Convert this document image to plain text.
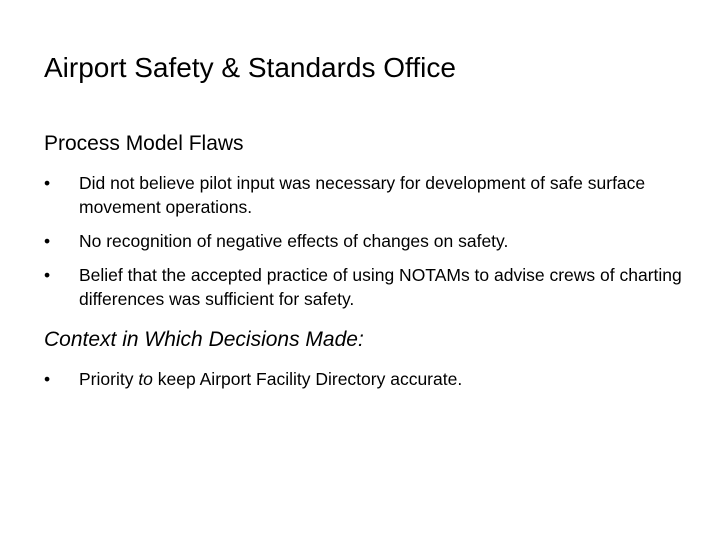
Airport Safety & Standards Office
Process Model Flaws
• Did not believe pilot input was necessary for development of safe surface movement operations.
• No recognition of negative effects of changes on safety.
• Belief that the accepted practice of using NOTAMs to advise crews of charting differences was sufficient for safety.
Context in Which Decisions Made:
• Priority to keep Airport Facility Directory accurate.
